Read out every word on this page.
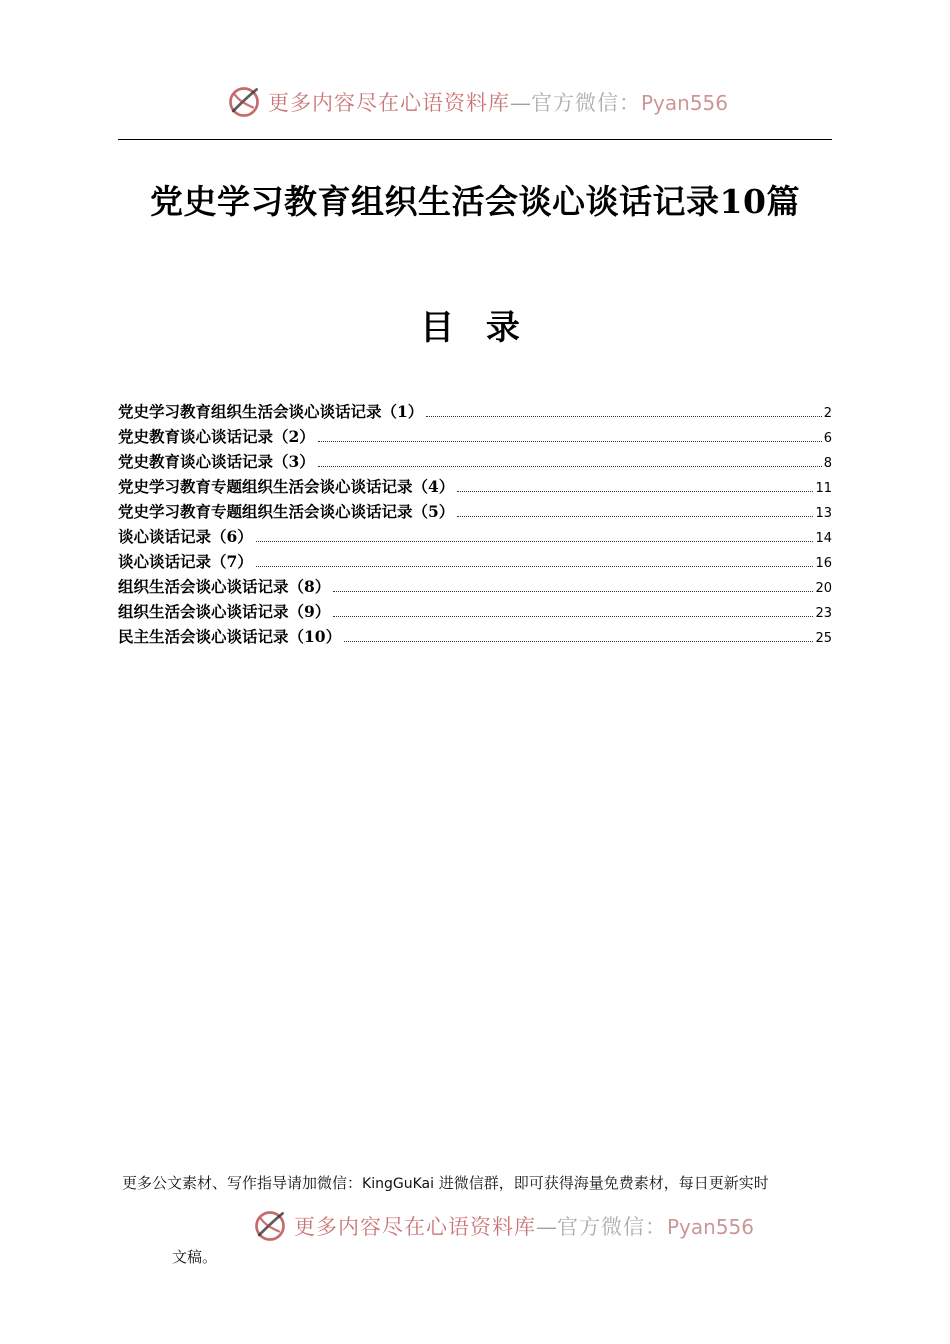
更多内容尽在心语资料库—官方微信：Pyan556
党史学习教育组织生活会谈心谈话记录10篇
目 录
党史学习教育组织生活会谈心谈话记录（1）	2
党史教育谈心谈话记录（2）	6
党史教育谈心谈话记录（3）	8
党史学习教育专题组织生活会谈心谈话记录（4）	11
党史学习教育专题组织生活会谈心谈话记录（5）	13
谈心谈话记录（6）	14
谈心谈话记录（7）	16
组织生活会谈心谈话记录（8）	20
组织生活会谈心谈话记录（9）	23
民主生活会谈心谈话记录（10）	25
更多公文素材、写作指导请加微信：KingGuKai 进微信群，即可获得海量免费素材，每日更新实时
更多内容尽在心语资料库—官方微信：Pyan556
文稿。
